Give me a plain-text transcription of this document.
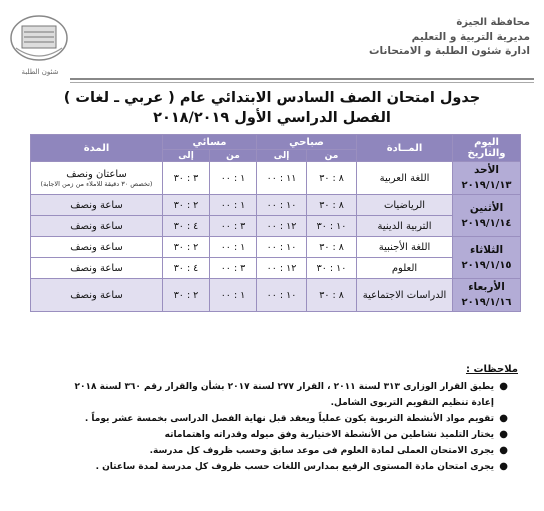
محافظة الجيزة
مديرية التربية و التعليم
ادارة شئون الطلبة و الامتحانات
شئون الطلبة
جدول امتحان الصف السادس الابتدائي عام ( عربي ـ لغات )
الفصل الدراسي الأول ٢٠١٨/٢٠١٩
اليوم والتاريخ	المــادة	صباحي		مسائي		المدة
		من	إلى	من	إلى	
الأحد
٢٠١٩/١/١٣	اللغة العربية	٨ : ٣٠	١١ : ٠٠	١ : ٠٠	٣ : ٣٠	ساعتان ونصف
(تخصص ٣٠ دقيقة للاملاء من زمن الاجابة)

الأثنين
٢٠١٩/١/١٤	الرياضيات	٨ : ٣٠	١٠ : ٠٠	١ : ٠٠	٢ : ٣٠	ساعة ونصف
	التربية الدينية	١٠ : ٣٠	١٢ : ٠٠	٣ : ٠٠	٤ : ٣٠	ساعة ونصف
الثلاثاء
٢٠١٩/١/١٥	اللغة الأجنبية	٨ : ٣٠	١٠ : ٠٠	١ : ٠٠	٢ : ٣٠	ساعة ونصف
	العلوم	١٠ : ٣٠	١٢ : ٠٠	٣ : ٠٠	٤ : ٣٠	ساعة ونصف
الأربعاء
٢٠١٩/١/١٦	الدراسات الاجتماعية	٨ : ٣٠	١٠ : ٠٠	١ : ٠٠	٢ : ٣٠	ساعة ونصف
ملاحظات :
●
يطبق القرار الوزارى ٣١٣ لسنة ٢٠١١ ، القرار ٢٧٧ لسنة ٢٠١٧ بشأن والقرار رقم ٣٦٠ لسنة ٢٠١٨
إعادة تنظيم التقويم التربوى الشامل.
●
تقويم مواد الأنشطة التربوية يكون عملياً ويعقد قبل نهاية الفصل الدراسى بخمسة عشر يوماً .
●
يختار التلميذ نشاطين من الأنشطة الاختيارية وفق ميوله وقدراته واهتماماته
●
يجرى الامتحان العملى لمادة العلوم فى موعد سابق وحسب ظروف كل مدرسة.
●
يجرى امتحان مادة المستوى الرفيع بمدارس اللغات حسب ظروف كل مدرسة لمدة ساعتان .
